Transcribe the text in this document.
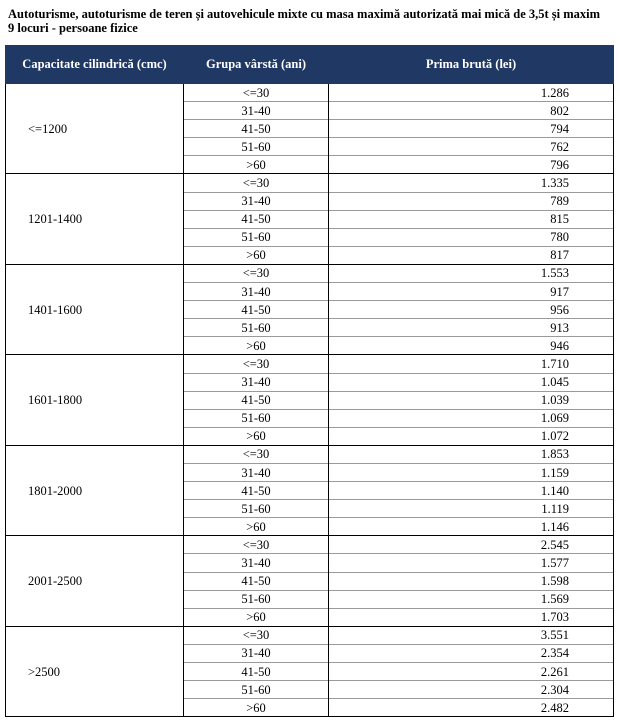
Autoturisme, autoturisme de teren și autovehicule mixte cu masa maximă autorizată mai mică de 3,5t și maxim 9 locuri - persoane fizice
Capacitate cilindrică (cmc)	Grupa vârstă (ani)	Prima brută (lei)
<=1200	<=30	1.286
	31-40	802
	41-50	794
	51-60	762
	>60	796
1201-1400	<=30	1.335
	31-40	789
	41-50	815
	51-60	780
	>60	817
1401-1600	<=30	1.553
	31-40	917
	41-50	956
	51-60	913
	>60	946
1601-1800	<=30	1.710
	31-40	1.045
	41-50	1.039
	51-60	1.069
	>60	1.072
1801-2000	<=30	1.853
	31-40	1.159
	41-50	1.140
	51-60	1.119
	>60	1.146
2001-2500	<=30	2.545
	31-40	1.577
	41-50	1.598
	51-60	1.569
	>60	1.703
>2500	<=30	3.551
	31-40	2.354
	41-50	2.261
	51-60	2.304
	>60	2.482
